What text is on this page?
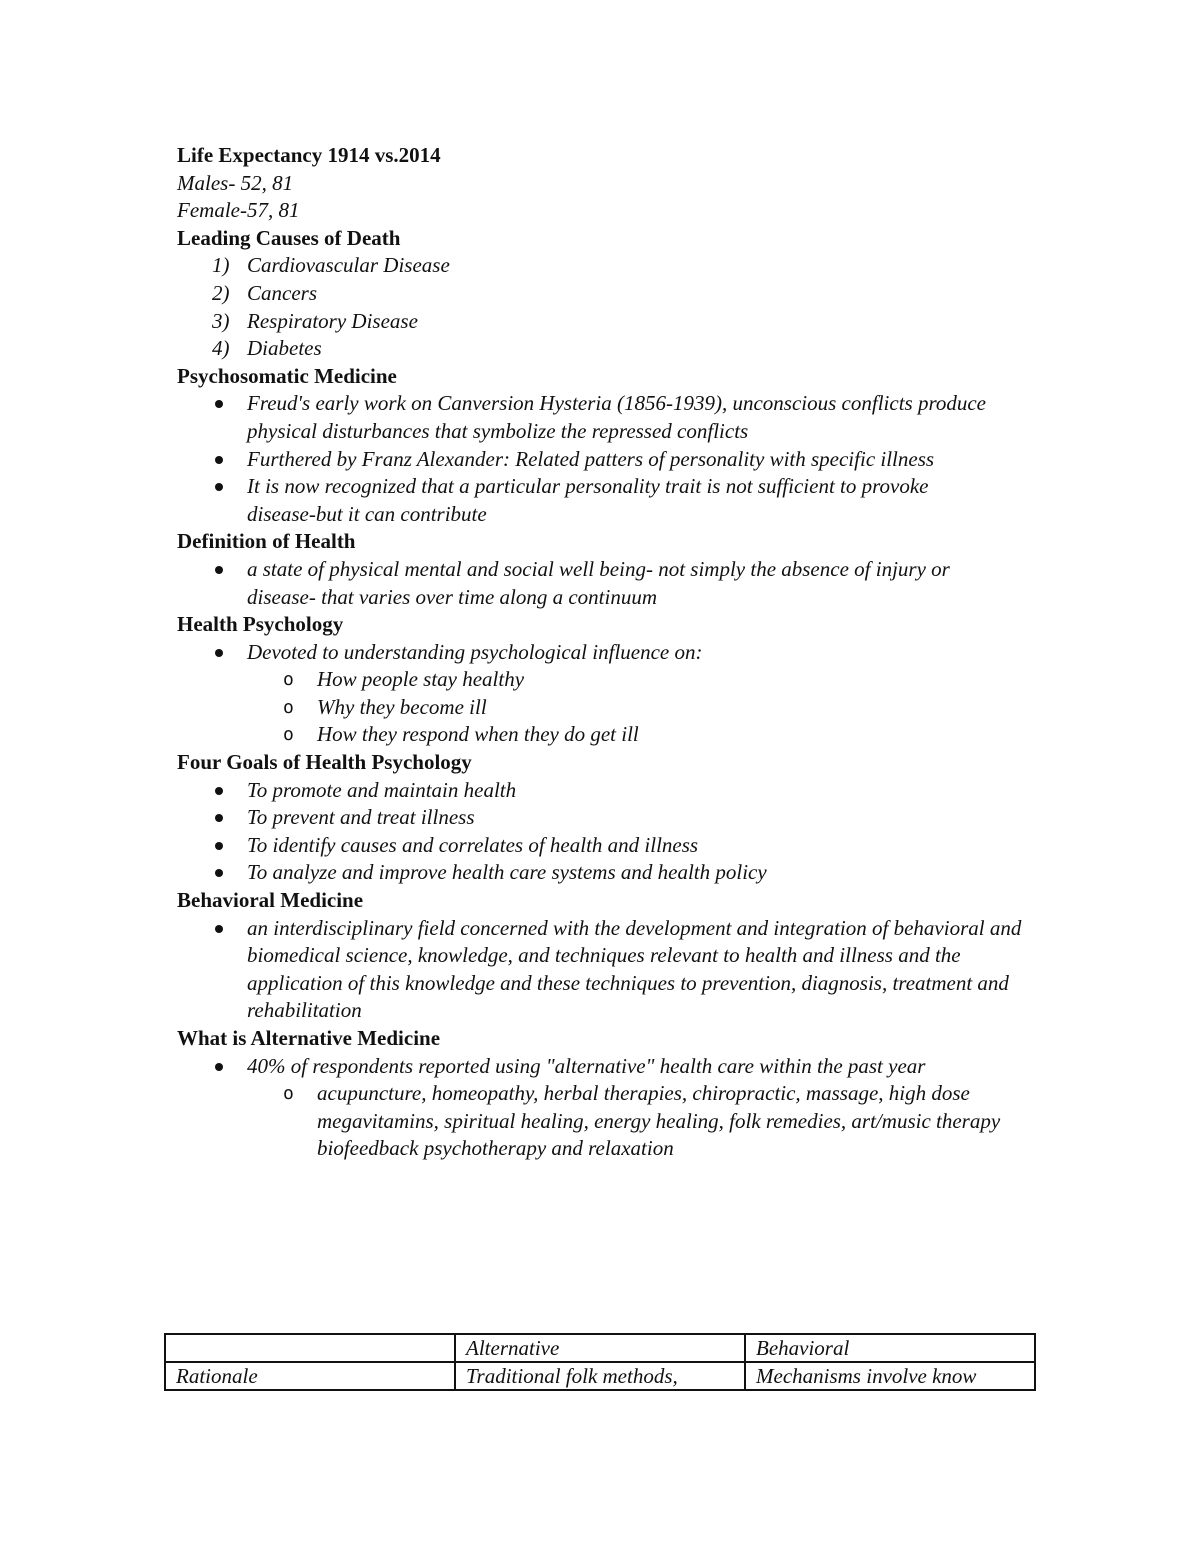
Life Expectancy 1914 vs.2014
Males- 52, 81
Female-57, 81
Leading Causes of Death
1) Cardiovascular Disease
2) Cancers
3) Respiratory Disease
4) Diabetes
Psychosomatic Medicine
Freud's early work on Canversion Hysteria (1856-1939), unconscious conflicts produce physical disturbances that symbolize the repressed conflicts
Furthered by Franz Alexander: Related patters of personality with specific illness
It is now recognized that a particular personality trait is not sufficient to provoke disease-but it can contribute
Definition of Health
a state of physical mental and social well being- not simply the absence of injury or disease- that varies over time along a continuum
Health Psychology
Devoted to understanding psychological influence on:
o How people stay healthy
o Why they become ill
o How they respond when they do get ill
Four Goals of Health Psychology
To promote and maintain health
To prevent and treat illness
To identify causes and correlates of health and illness
To analyze and improve health care systems and health policy
Behavioral Medicine
an interdisciplinary field concerned with the development and integration of behavioral and biomedical science, knowledge, and techniques relevant to health and illness and the application of this knowledge and these techniques to prevention, diagnosis, treatment and rehabilitation
What is Alternative Medicine
40% of respondents reported using "alternative" health care within the past year
o acupuncture, homeopathy, herbal therapies, chiropractic, massage, high dose megavitamins, spiritual healing, energy healing, folk remedies, art/music therapy biofeedback psychotherapy and relaxation
	Alternative	Behavioral
Rationale	Traditional folk methods,	Mechanisms involve know
